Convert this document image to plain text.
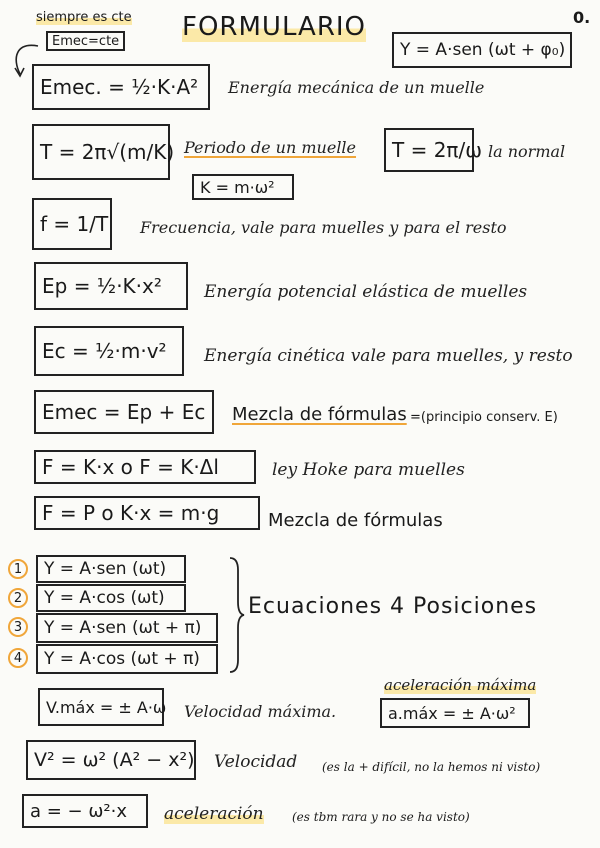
siempre es cte
Emec=cte FORMULARIO	0.
Y = A·sen (ωt + φ₀)
Emec. = ½·K·A²	Energía mecánica de un muelle
T = 2π√(m/K) Periodo de un muelle	T = 2π/ω la normal
K = m·ω²
f = 1/T Frecuencia, vale para muelles y para el resto
Ep = ½·K·x²	Energía potencial elástica de muelles
Ec = ½·m·v²	Energía cinética vale para muelles, y resto
Emec = Ep + Ec	Mezcla de fórmulas =(principio conserv. E)
F = K·x o F = K·Δl	ley Hoke para muelles
F = P o K·x = m·g	Mezcla de fórmulas
1	Y = A·sen (ωt)
2	Y = A·cos (ωt)
3	Y = A·sen (ωt + π)
4	Y = A·cos (ωt + π)
Ecuaciones 4 Posiciones
V.máx = ± A·ω Velocidad máxima.
aceleración máxima
a.máx = ± A·ω²
V² = ω² (A² − x²) Velocidad (es la + difícil, no la hemos ni visto)
a = − ω²·x	aceleración (es tbm rara y no se ha visto)
